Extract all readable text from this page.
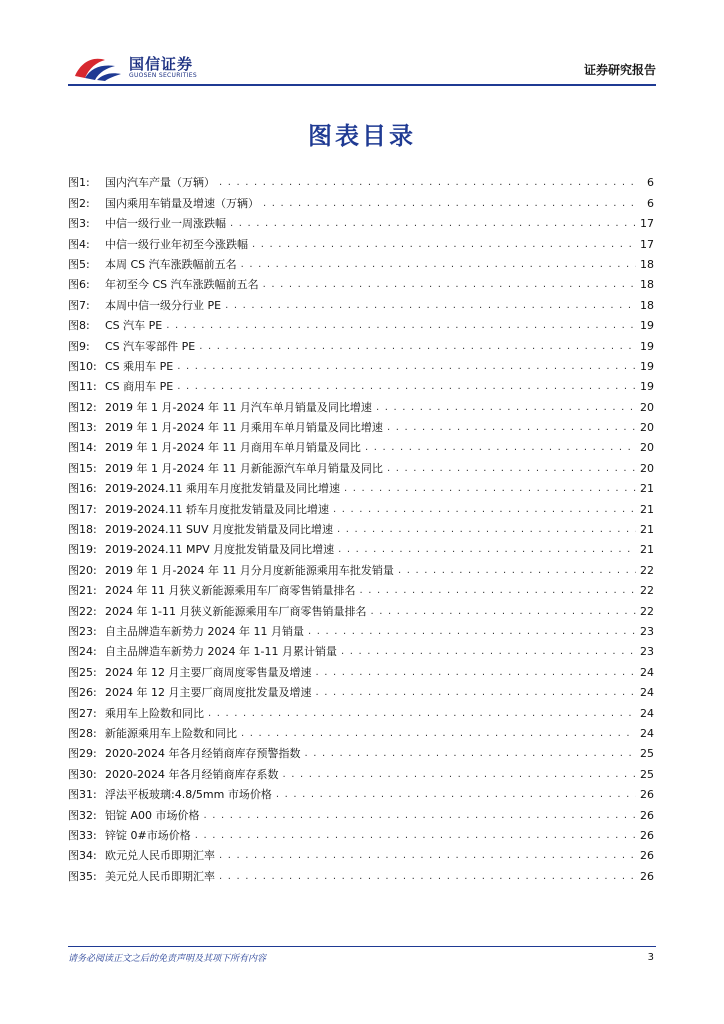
国信证券
GUOSEN SECURITIES	证券研究报告
图表目录
图1:	国内汽车产量（万辆） . . .	6
图2:	国内乘用车销量及增速（万辆） . . .	6
图3:	中信一级行业一周涨跌幅 . . .	17
图4:	中信一级行业年初至今涨跌幅 . . .	17
图5:	本周 CS 汽车涨跌幅前五名 . . .	18
图6:	年初至今 CS 汽车涨跌幅前五名 . . .	18
图7:	本周中信一级分行业 PE . . .	18
图8:	CS 汽车 PE . . .	19
图9:	CS 汽车零部件 PE . . .	19
图10: CS 乘用车 PE . . .	19
图11: CS 商用车 PE . . .	19
图12: 2019 年 1 月-2024 年 11 月汽车单月销量及同比增速 . . .	20
图13: 2019 年 1 月-2024 年 11 月乘用车单月销量及同比增速 . . .	20
图14: 2019 年 1 月-2024 年 11 月商用车单月销量及同比 . . .	20
图15: 2019 年 1 月-2024 年 11 月新能源汽车单月销量及同比 . . .	20
图16: 2019-2024.11 乘用车月度批发销量及同比增速 . . .	21
图17: 2019-2024.11 轿车月度批发销量及同比增速 . . .	21
图18: 2019-2024.11 SUV 月度批发销量及同比增速 . . .	21
图19: 2019-2024.11 MPV 月度批发销量及同比增速 . . .	21
图20: 2019 年 1 月-2024 年 11 月分月度新能源乘用车批发销量 . . .	22
图21: 2024 年 11 月狭义新能源乘用车厂商零售销量排名 . . .	22
图22: 2024 年 1-11 月狭义新能源乘用车厂商零售销量排名 . . .	22
图23: 自主品牌造车新势力 2024 年 11 月销量 . . .	23
图24: 自主品牌造车新势力 2024 年 1-11 月累计销量 . . .	23
图25: 2024 年 12 月主要厂商周度零售量及增速 . . .	24
图26: 2024 年 12 月主要厂商周度批发量及增速 . . .	24
图27: 乘用车上险数和同比 . . .	24
图28: 新能源乘用车上险数和同比 . . .	24
图29: 2020-2024 年各月经销商库存预警指数 . . .	25
图30: 2020-2024 年各月经销商库存系数 . . .	25
图31: 浮法平板玻璃:4.8/5mm 市场价格 . . .	26
图32: 铝锭 A00 市场价格 . . .	26
图33: 锌锭 0#市场价格 . . .	26
图34: 欧元兑人民币即期汇率 . . .	26
图35: 美元兑人民币即期汇率 . . .	26
请务必阅读正文之后的免责声明及其项下所有内容	3
